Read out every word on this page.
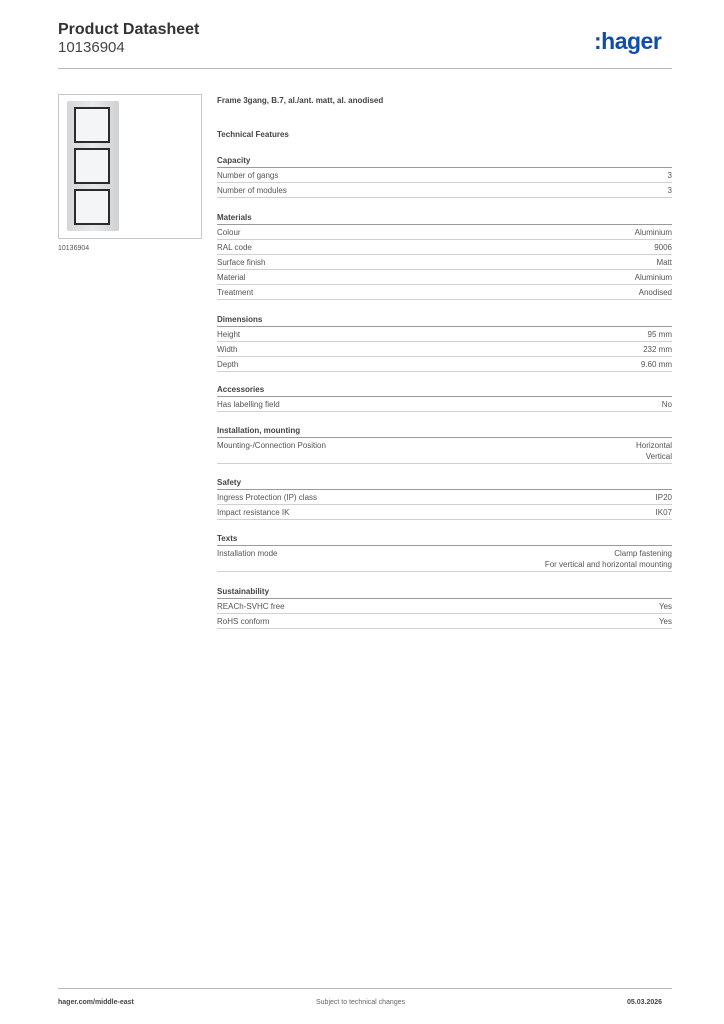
Product Datasheet
10136904	:hager
10136904
Frame 3gang, B.7, al./ant. matt, al. anodised
Technical Features
Capacity
Number of gangs	3
Number of modules	3
Materials
Colour	Aluminium
RAL code	9006
Surface finish	Matt
Material	Aluminium
Treatment	Anodised
Dimensions
Height	95 mm
Width	232 mm
Depth	9.60 mm
Accessories
Has labelling field	No
Installation, mounting
Mounting-/Connection Position	Horizontal
Vertical
Safety
Ingress Protection (IP) class	IP20
Impact resistance IK	IK07
Texts
Installation mode	Clamp fastening
For vertical and horizontal mounting
Sustainability
REACh-SVHC free	Yes
RoHS conform	Yes
hager.com/middle-east	Subject to technical changes	05.03.2026
